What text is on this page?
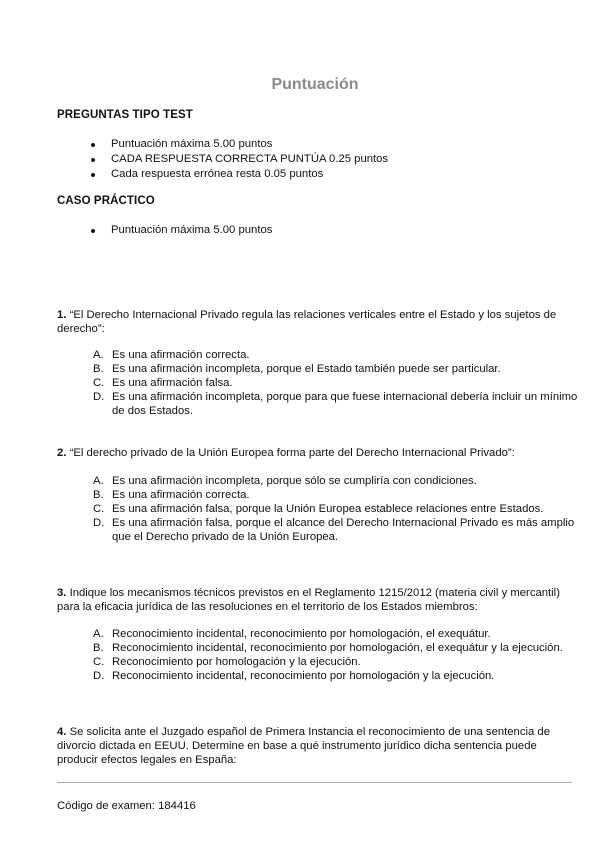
Puntuación
PREGUNTAS TIPO TEST
Puntuación máxima 5.00 puntos
CADA RESPUESTA CORRECTA PUNTÚA 0.25 puntos
Cada respuesta errónea resta 0.05 puntos
CASO PRÁCTICO
Puntuación máxima 5.00 puntos
1. “El Derecho Internacional Privado regula las relaciones verticales entre el Estado y los sujetos de derecho”:
A. Es una afirmación correcta.
B. Es una afirmación incompleta, porque el Estado también puede ser particular.
C. Es una afirmación falsa.
D. Es una afirmación incompleta, porque para que fuese internacional debería incluir un mínimo de dos Estados.
2. “El derecho privado de la Unión Europea forma parte del Derecho Internacional Privado”:
A. Es una afirmación incompleta, porque sólo se cumpliría con condiciones.
B. Es una afirmación correcta.
C. Es una afirmación falsa, porque la Unión Europea establece relaciones entre Estados.
D. Es una afirmación falsa, porque el alcance del Derecho Internacional Privado es más amplio que el Derecho privado de la Unión Europea.
3. Indique los mecanismos técnicos previstos en el Reglamento 1215/2012 (materia civil y mercantil) para la eficacia jurídica de las resoluciones en el territorio de los Estados miembros:
A. Reconocimiento incidental, reconocimiento por homologación, el exequátur.
B. Reconocimiento incidental, reconocimiento por homologación, el exequátur y la ejecución.
C. Reconocimiento por homologación y la ejecución.
D. Reconocimiento incidental, reconocimiento por homologación y la ejecución.
4. Se solicita ante el Juzgado español de Primera Instancia el reconocimiento de una sentencia de divorcio dictada en EEUU. Determine en base a qué instrumento jurídico dicha sentencia puede producir efectos legales en España:
Código de examen: 184416
